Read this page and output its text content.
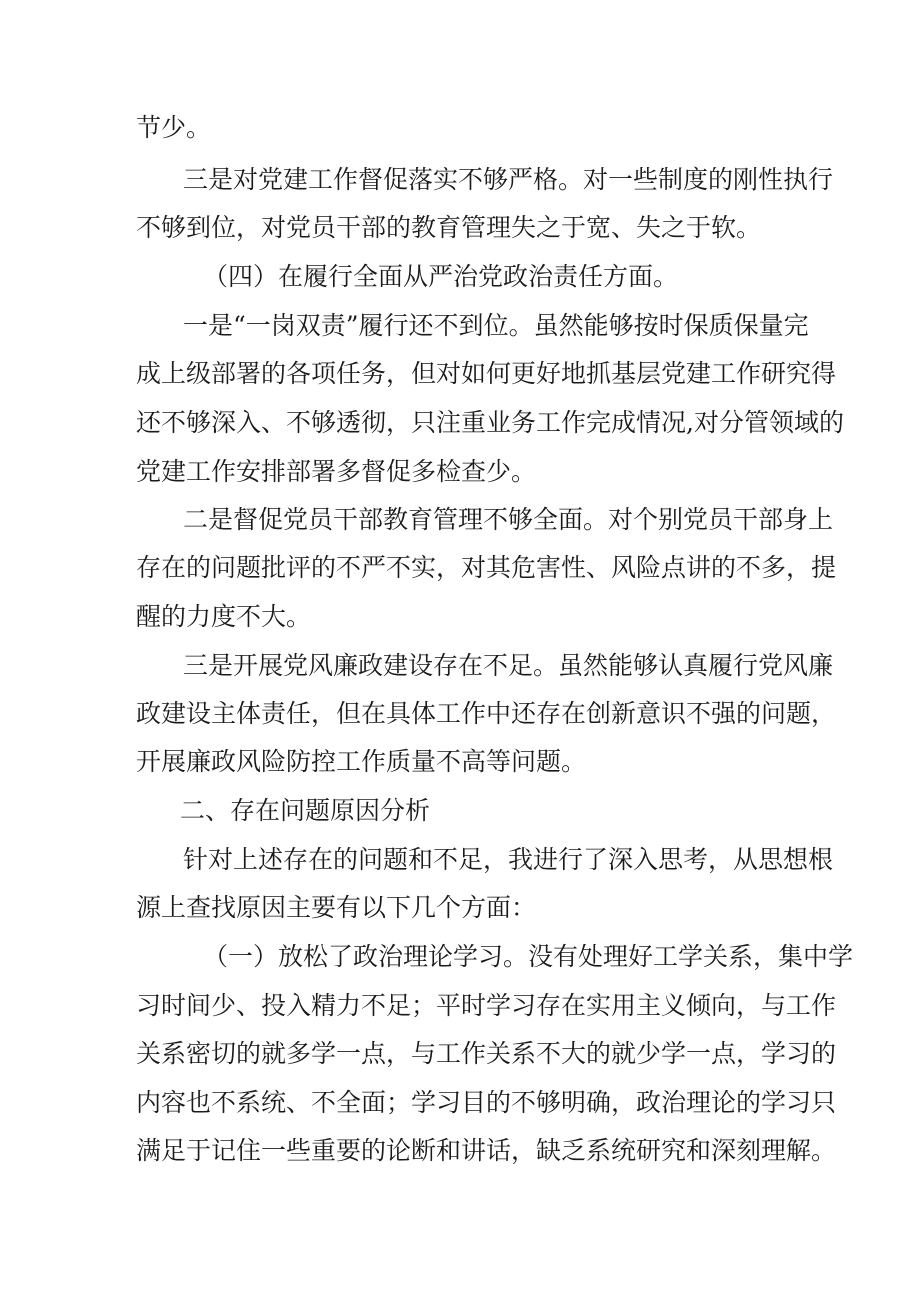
节少。
三是对党建工作督促落实不够严格。对一些制度的刚性执行
不够到位，对党员干部的教育管理失之于宽、失之于软。
（四）在履行全面从严治党政治责任方面。
一是“一岗双责”履行还不到位。虽然能够按时保质保量完
成上级部署的各项任务，但对如何更好地抓基层党建工作研究得
还不够深入、不够透彻，只注重业务工作完成情况,对分管领域的
党建工作安排部署多督促多检查少。
二是督促党员干部教育管理不够全面。对个别党员干部身上
存在的问题批评的不严不实，对其危害性、风险点讲的不多，提
醒的力度不大。
三是开展党风廉政建设存在不足。虽然能够认真履行党风廉
政建设主体责任，但在具体工作中还存在创新意识不强的问题，
开展廉政风险防控工作质量不高等问题。
二、存在问题原因分析
针对上述存在的问题和不足，我进行了深入思考，从思想根
源上查找原因主要有以下几个方面：
（一）放松了政治理论学习。没有处理好工学关系，集中学
习时间少、投入精力不足；平时学习存在实用主义倾向，与工作
关系密切的就多学一点，与工作关系不大的就少学一点，学习的
内容也不系统、不全面；学习目的不够明确，政治理论的学习只
满足于记住一些重要的论断和讲话，缺乏系统研究和深刻理解。
